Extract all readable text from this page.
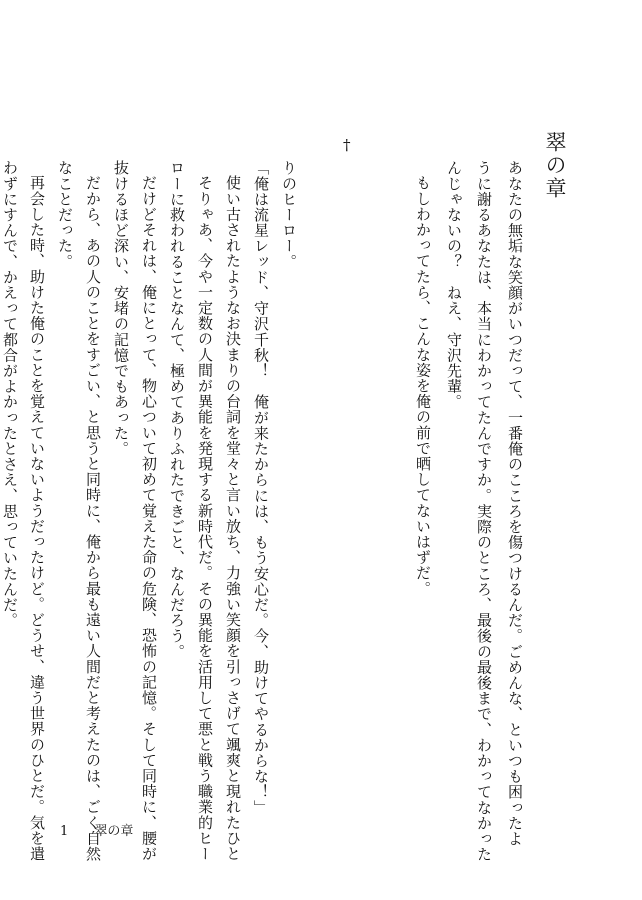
翠の章
あなたの無垢な笑顔がいつだって、一番俺のこころを傷つけるんだ。ごめんな、といつも困ったよ
うに謝るあなたは、本当にわかってたんですか。実際のところ、最後の最後まで、わかってなかった
んじゃないの？　ねえ、守沢先輩。
もしわかってたら、こんな姿を俺の前で晒してないはずだ。
†
りのヒーロー。
「俺は流星レッド、守沢千秋！　俺が来たからには、もう安心だ。今、助けてやるからな！」
使い古されたようなお決まりの台詞を堂々と言い放ち、力強い笑顔を引っさげて颯爽と現れたひと
そりゃあ、今や一定数の人間が異能を発現する新時代だ。その異能を活用して悪と戦う職業的ヒー
ローに救われることなんて、極めてありふれたできごと、なんだろう。
だけどそれは、俺にとって、物心ついて初めて覚えた命の危険、恐怖の記憶。そして同時に、腰が
抜けるほど深い、安堵の記憶でもあった。
だから、あの人のことをすごい、と思うと同時に、俺から最も遠い人間だと考えたのは、ごく自然
なことだった。
再会した時、助けた俺のことを覚えていないようだったけど。どうせ、違う世界のひとだ。気を遣
わずにすんで、かえって都合がよかったとさえ、思っていたんだ。
1 翠の章
